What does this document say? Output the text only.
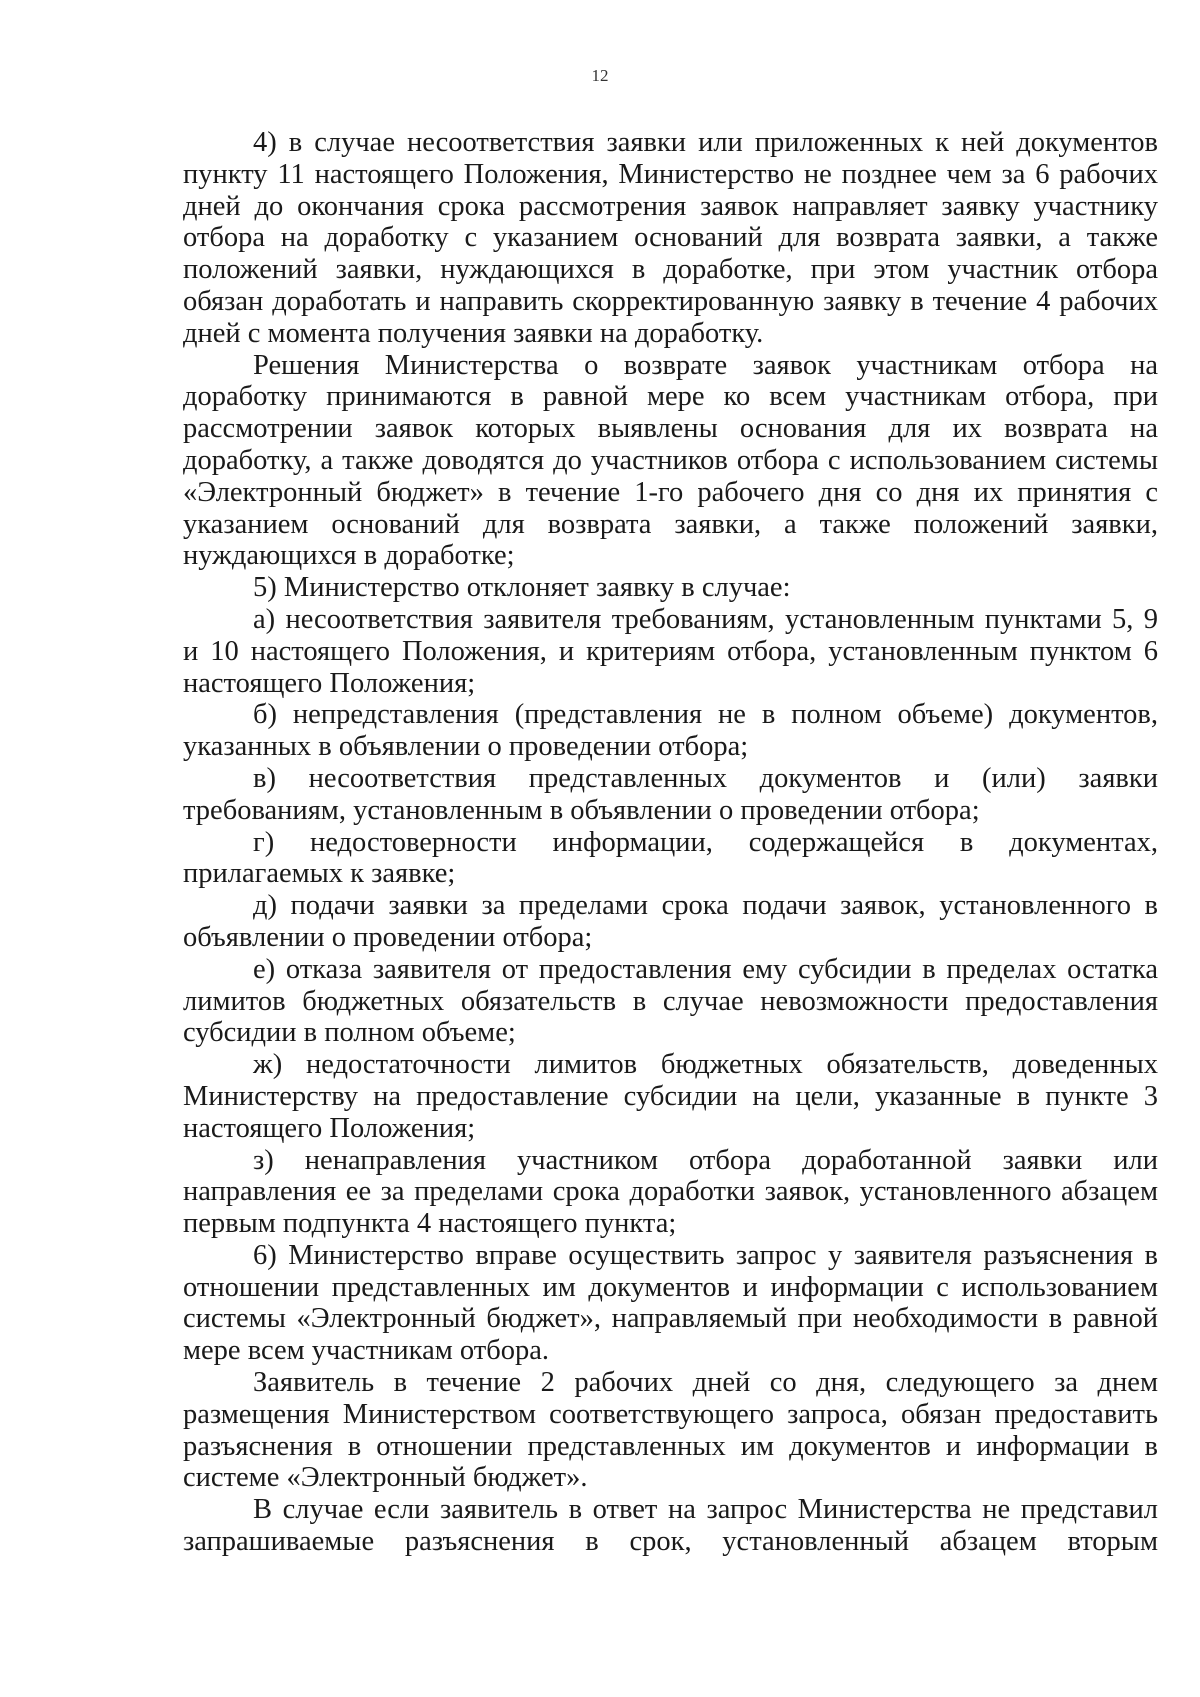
12

4) в случае несоответствия заявки или приложенных к ней документов пункту 11 настоящего Положения, Министерство не позднее чем за 6 рабочих дней до окончания срока рассмотрения заявок направляет заявку участнику отбора на доработку с указанием оснований для возврата заявки, а также положений заявки, нуждающихся в доработке, при этом участник отбора обязан доработать и направить скорректированную заявку в течение 4 рабочих дней с момента получения заявки на доработку.

Решения Министерства о возврате заявок участникам отбора на доработку принимаются в равной мере ко всем участникам отбора, при рассмотрении заявок которых выявлены основания для их возврата на доработку, а также доводятся до участников отбора с использованием системы «Электронный бюджет» в течение 1-го рабочего дня со дня их принятия с указанием оснований для возврата заявки, а также положений заявки, нуждающихся в доработке;

5) Министерство отклоняет заявку в случае:

а) несоответствия заявителя требованиям, установленным пунктами 5, 9 и 10 настоящего Положения, и критериям отбора, установленным пунктом 6 настоящего Положения;

б) непредставления (представления не в полном объеме) документов, указанных в объявлении о проведении отбора;

в) несоответствия представленных документов и (или) заявки требованиям, установленным в объявлении о проведении отбора;

г) недостоверности информации, содержащейся в документах, прилагаемых к заявке;

д) подачи заявки за пределами срока подачи заявок, установленного в объявлении о проведении отбора;

е) отказа заявителя от предоставления ему субсидии в пределах остатка лимитов бюджетных обязательств в случае невозможности предоставления субсидии в полном объеме;

ж) недостаточности лимитов бюджетных обязательств, доведенных Министерству на предоставление субсидии на цели, указанные в пункте 3 настоящего Положения;

з) ненаправления участником отбора доработанной заявки или направления ее за пределами срока доработки заявок, установленного абзацем первым подпункта 4 настоящего пункта;

6) Министерство вправе осуществить запрос у заявителя разъяснения в отношении представленных им документов и информации с использованием системы «Электронный бюджет», направляемый при необходимости в равной мере всем участникам отбора.

Заявитель в течение 2 рабочих дней со дня, следующего за днем размещения Министерством соответствующего запроса, обязан предоставить разъяснения в отношении представленных им документов и информации в системе «Электронный бюджет».

В случае если заявитель в ответ на запрос Министерства не представил запрашиваемые разъяснения в срок, установленный абзацем вторым
